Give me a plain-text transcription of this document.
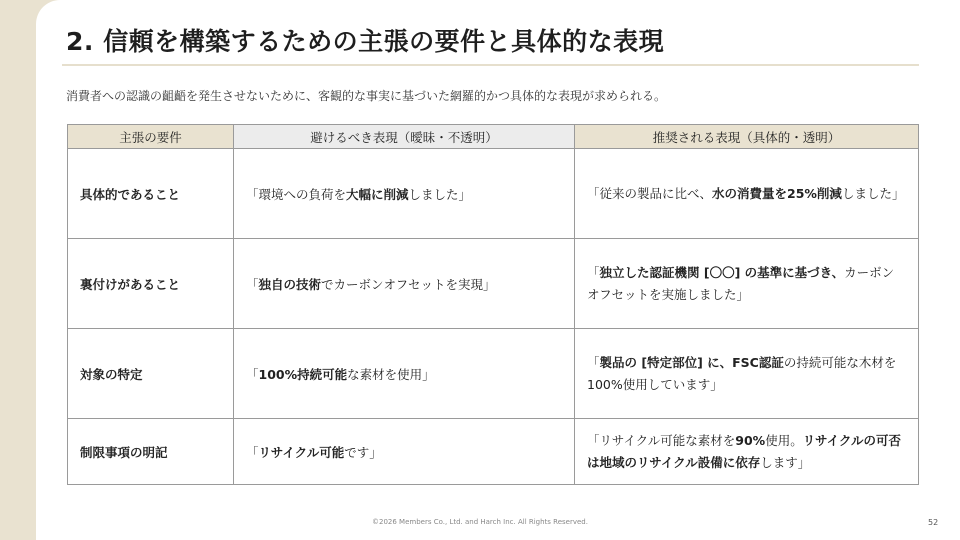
2. 信頼を構築するための主張の要件と具体的な表現
消費者への認識の齟齬を発生させないために、客観的な事実に基づいた網羅的かつ具体的な表現が求められる。
主張の要件	避けるべき表現（曖昧・不透明）	推奨される表現（具体的・透明）
具体的であること	「環境への負荷を大幅に削減しました」	「従来の製品に比べ、水の消費量を25%削減しました」
裏付けがあること	「独自の技術でカーボンオフセットを実現」	「独立した認証機関 [〇〇] の基準に基づき、カーボンオフセットを実施しました」
対象の特定	「100%持続可能な素材を使用」	「製品の [特定部位] に、FSC認証の持続可能な木材を100%使用しています」
制限事項の明記	「リサイクル可能です」	「リサイクル可能な素材を90%使用。リサイクルの可否は地域のリサイクル設備に依存します」
©2026 Members Co., Ltd. and Harch Inc. All Rights Reserved.	52
